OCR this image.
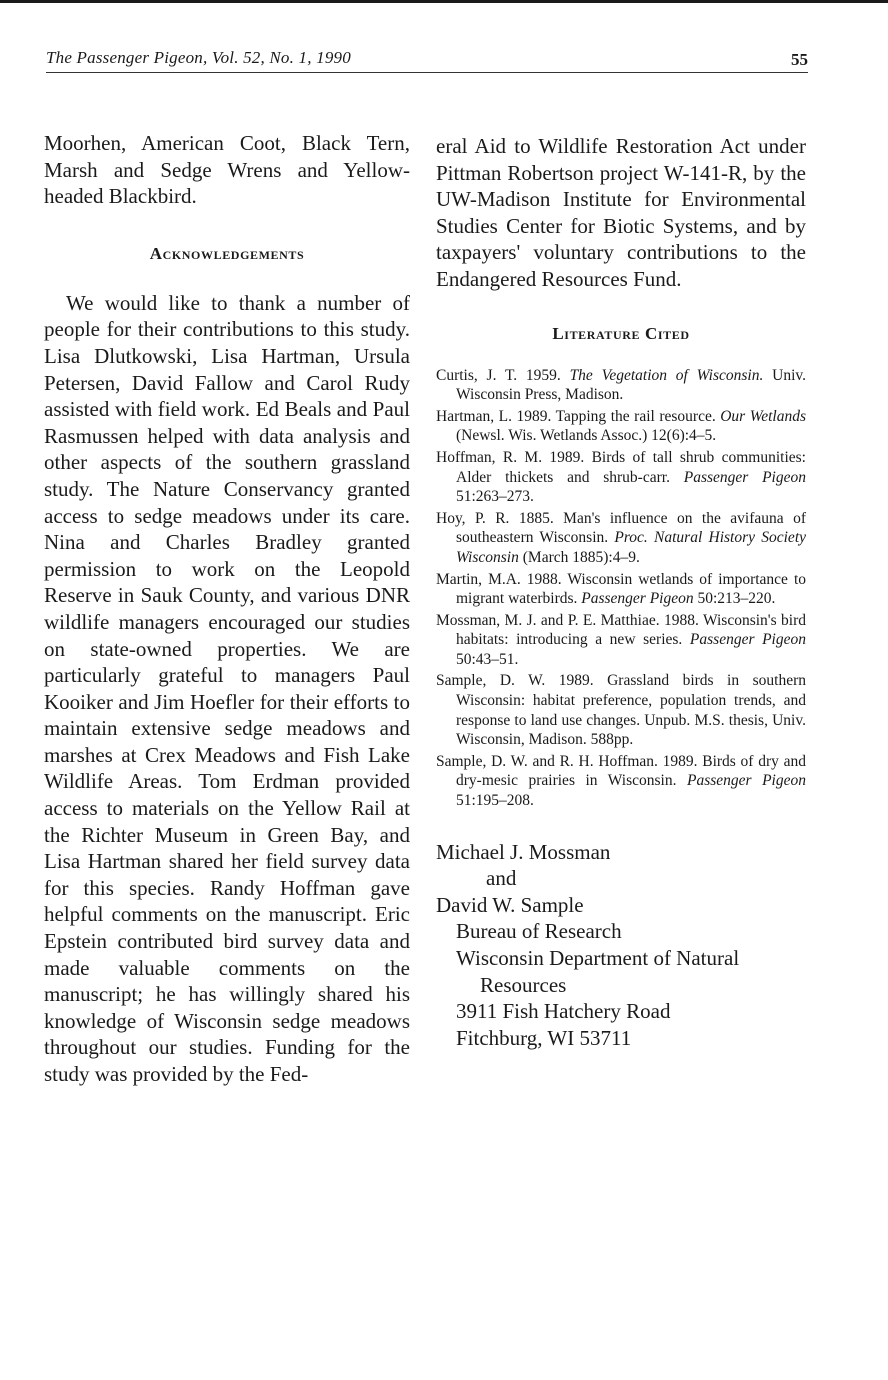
The Passenger Pigeon, Vol. 52, No. 1, 1990	55

Moorhen, American Coot, Black Tern, Marsh and Sedge Wrens and Yellow-headed Blackbird.

Acknowledgements

We would like to thank a number of people for their contributions to this study. Lisa Dlutkowski, Lisa Hartman, Ursula Petersen, David Fallow and Carol Rudy assisted with field work. Ed Beals and Paul Rasmussen helped with data analysis and other aspects of the southern grassland study. The Nature Conservancy granted access to sedge meadows under its care. Nina and Charles Bradley granted permission to work on the Leopold Reserve in Sauk County, and various DNR wildlife managers encouraged our studies on state-owned properties. We are particularly grateful to managers Paul Kooiker and Jim Hoefler for their efforts to maintain extensive sedge meadows and marshes at Crex Meadows and Fish Lake Wildlife Areas. Tom Erdman provided access to materials on the Yellow Rail at the Richter Museum in Green Bay, and Lisa Hartman shared her field survey data for this species. Randy Hoffman gave helpful comments on the manuscript. Eric Epstein contributed bird survey data and made valuable comments on the manuscript; he has willingly shared his knowledge of Wisconsin sedge meadows throughout our studies. Funding for the study was provided by the Fed-

eral Aid to Wildlife Restoration Act under Pittman Robertson project W-141-R, by the UW-Madison Institute for Environmental Studies Center for Biotic Systems, and by taxpayers' voluntary contributions to the Endangered Resources Fund.

Literature Cited
Curtis, J. T. 1959. The Vegetation of Wisconsin. Univ. Wisconsin Press, Madison.
Hartman, L. 1989. Tapping the rail resource. Our Wetlands (Newsl. Wis. Wetlands Assoc.) 12(6):4–5.
Hoffman, R. M. 1989. Birds of tall shrub communities: Alder thickets and shrub-carr. Passenger Pigeon 51:263–273.
Hoy, P. R. 1885. Man's influence on the avifauna of southeastern Wisconsin. Proc. Natural History Society Wisconsin (March 1885):4–9.
Martin, M.A. 1988. Wisconsin wetlands of importance to migrant waterbirds. Passenger Pigeon 50:213–220.
Mossman, M. J. and P. E. Matthiae. 1988. Wisconsin's bird habitats: introducing a new series. Passenger Pigeon 50:43–51.
Sample, D. W. 1989. Grassland birds in southern Wisconsin: habitat preference, population trends, and response to land use changes. Unpub. M.S. thesis, Univ. Wisconsin, Madison. 588pp.
Sample, D. W. and R. H. Hoffman. 1989. Birds of dry and dry-mesic prairies in Wisconsin. Passenger Pigeon 51:195–208.
Michael J. Mossman
and
David W. Sample
Bureau of Research
Wisconsin Department of Natural
Resources
3911 Fish Hatchery Road
Fitchburg, WI 53711
